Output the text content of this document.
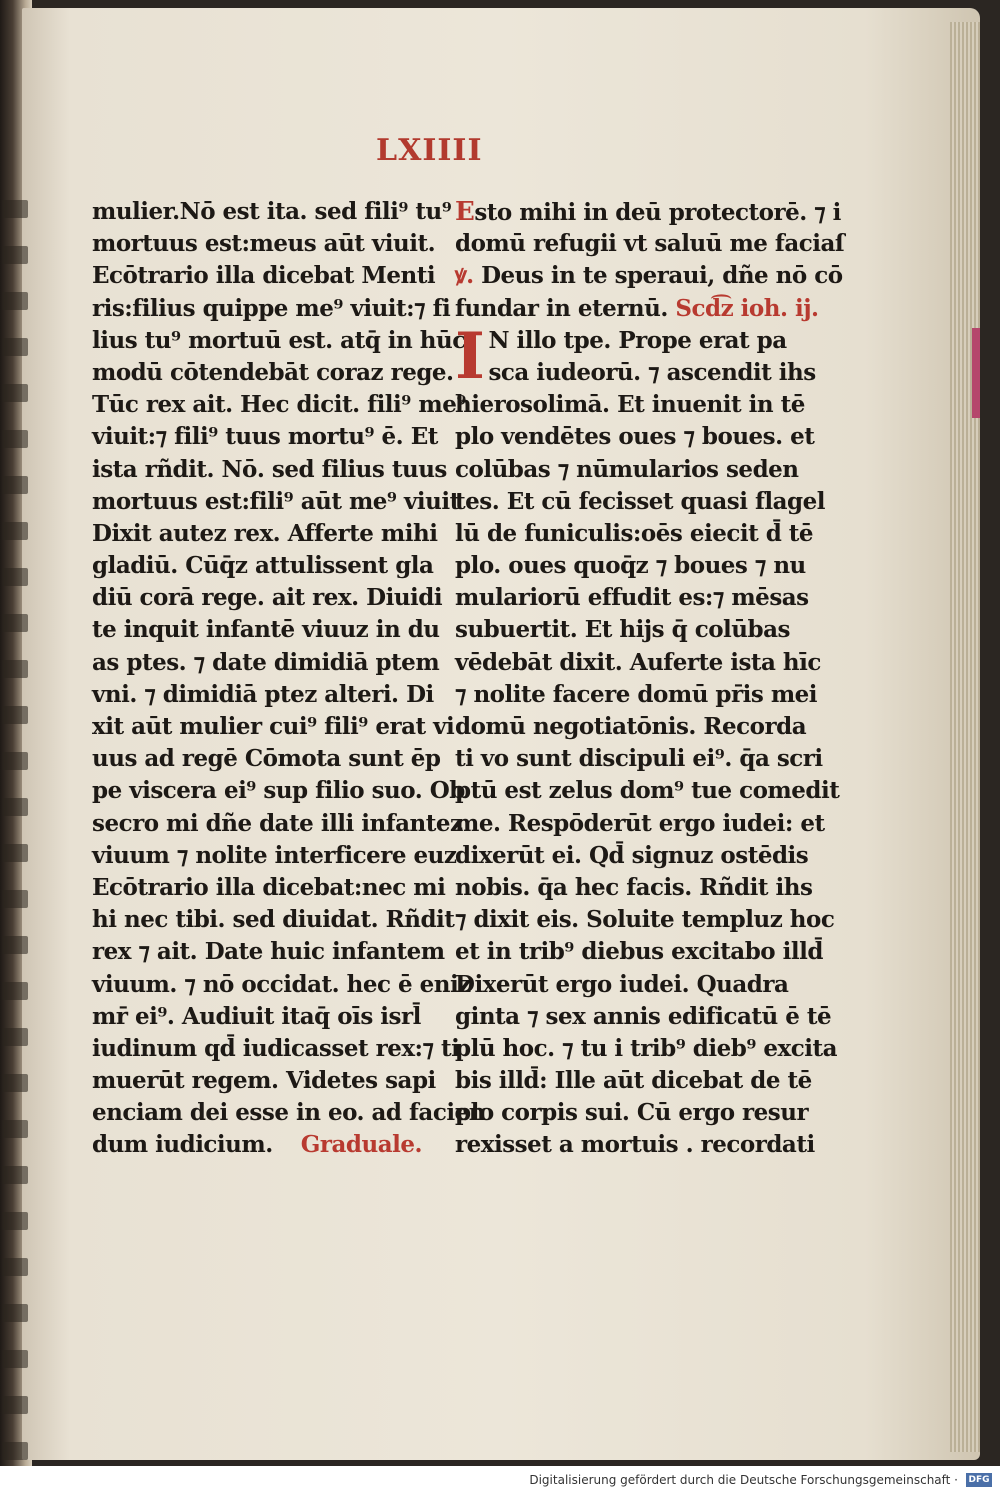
LXIIII
mulier.Nō est ita. sed fili⁹ tu⁹
mortuus est:meus aūt viuit.
Ecōtrario illa dicebat Menti
ris:filius quippe me⁹ viuit:⁊ fi
lius tu⁹ mortuū est. atq̄ in hūc
modū cōtendebāt coraz rege.
Tūc rex ait. Hec dicit. fili⁹ me⁹
viuit:⁊ fili⁹ tuus mortu⁹ ē. Et
ista rñdit. Nō. sed filius tuus
mortuus est:fili⁹ aūt me⁹ viuit
Dixit autez rex. Afferte mihi
gladiū. Cūq̄z attulissent gla
diū corā rege. ait rex. Diuidi
te inquit infantē viuuz in du
as ptes. ⁊ date dimidiā ptem
vni. ⁊ dimidiā ptez alteri. Di
xit aūt mulier cui⁹ fili⁹ erat vi
uus ad regē Cōmota sunt ēp
pe viscera ei⁹ sup filio suo. Ob
secro mi dñe date illi infantez
viuum ⁊ nolite interficere euz
Ecōtrario illa dicebat:nec mi
hi nec tibi. sed diuidat. Rñdit
rex ⁊ ait. Date huic infantem
viuum. ⁊ nō occidat. hec ē eniz
mr̄ ei⁹. Audiuit itaq̄ oīs isrl̄
iudinum qd̄ iudicasset rex:⁊ ti
muerūt regem. Videtes sapi
enciam dei esse in eo. ad facien
dum iudicium. Graduale.
Esto mihi in deū protectorē. ⁊ i
domū refugii vt saluū me faciaſ
ꝟ. Deus in te speraui, dñe nō cō
fundar in eternū. Scd͡z ioh. ij.
I N illo tpe. Prope erat pa
sca iudeorū. ⁊ ascendit ihs
hierosolimā. Et inuenit in tē
plo vendētes oues ⁊ boues. et
colūbas ⁊ nūmularios seden
tes. Et cū fecisset quasi flagel
lū de funiculis:oēs eiecit d̄ tē
plo. oues quoq̄z ⁊ boues ⁊ nu
mulariorū effudit es:⁊ mēsas
subuertit. Et hijs q̄ colūbas
vēdebāt dixit. Auferte ista hīc
⁊ nolite facere domū pr̄is mei
domū negotiatōnis. Recorda
ti vo sunt discipuli ei⁹. q̄a scri
ptū est zelus dom⁹ tue comedit
me. Respōderūt ergo iudei: et
dixerūt ei. Qd̄ signuz ostēdis
nobis. q̄a hec facis. Rñdit ihs
⁊ dixit eis. Soluite templuz hoc
et in trib⁹ diebus excitabo illd̄
Dixerūt ergo iudei. Quadra
ginta ⁊ sex annis edificatū ē tē
plū hoc. ⁊ tu i trib⁹ dieb⁹ excita
bis illd̄: Ille aūt dicebat de tē
plo corpis sui. Cū ergo resur
rexisset a mortuis . recordati
Digitalisierung gefördert durch die Deutsche Forschungsgemeinschaft · DFG
